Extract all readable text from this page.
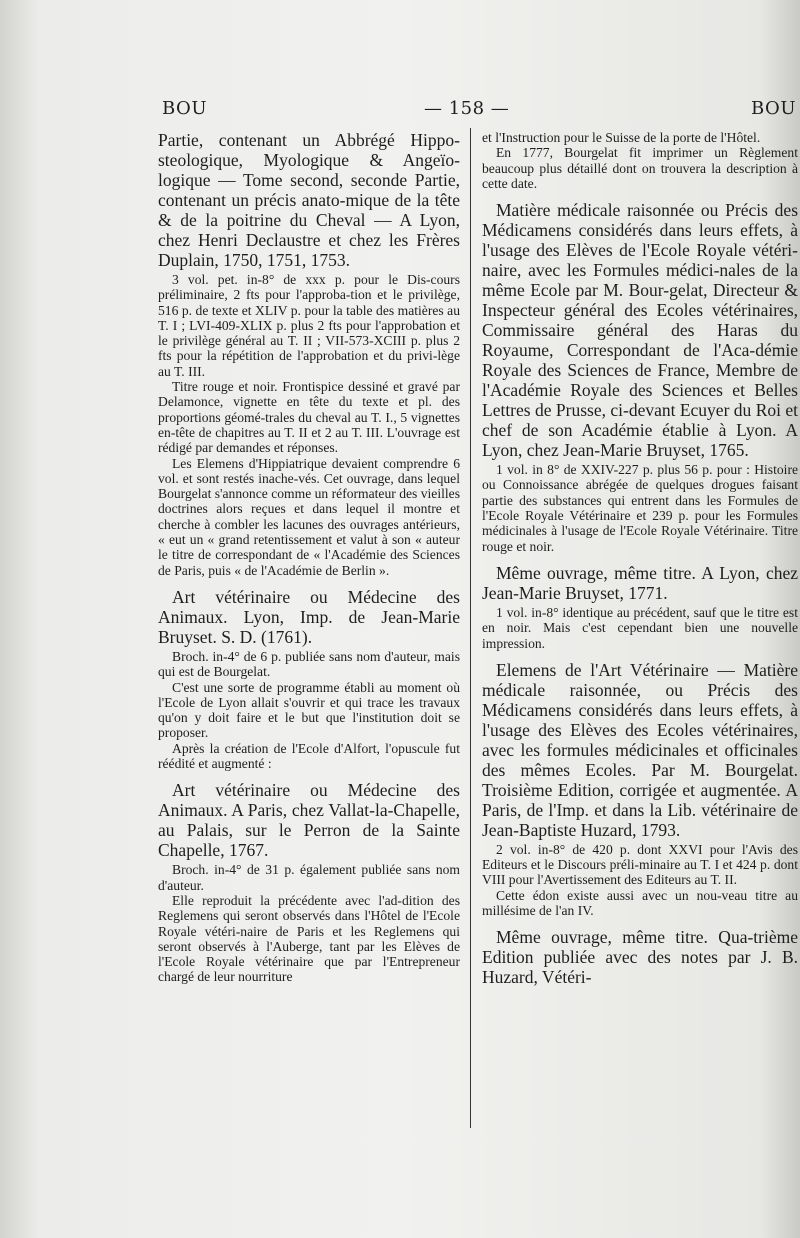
BOU	— 158 —	BOU

Partie, contenant un Abbrégé Hippo-steologique, Myologique & Angeïo-logique — Tome second, seconde Partie, contenant un précis anato-mique de la tête & de la poitrine du Cheval — A Lyon, chez Henri Declaustre et chez les Frères Duplain, 1750, 1751, 1753.

3 vol. pet. in-8° de xxx p. pour le Dis-cours préliminaire, 2 fts pour l'approba-tion et le privilège, 516 p. de texte et XLIV p. pour la table des matières au T. I ; LVI-409-XLIX p. plus 2 fts pour l'approbation et le privilège général au T. II ; VII-573-XCIII p. plus 2 fts pour la répétition de l'approbation et du privi-lège au T. III.

Titre rouge et noir. Frontispice dessiné et gravé par Delamonce, vignette en tête du texte et pl. des proportions géomé-trales du cheval au T. I., 5 vignettes en-tête de chapitres au T. II et 2 au T. III. L'ouvrage est rédigé par demandes et réponses.

Les Elemens d'Hippiatrique devaient comprendre 6 vol. et sont restés inache-vés. Cet ouvrage, dans lequel Bourgelat s'annonce comme un réformateur des vieilles doctrines alors reçues et dans lequel il montre et cherche à combler les lacunes des ouvrages antérieurs, « eut un « grand retentissement et valut à son « auteur le titre de correspondant de « l'Académie des Sciences de Paris, puis « de l'Académie de Berlin ».

Art vétérinaire ou Médecine des Animaux. Lyon, Imp. de Jean-Marie Bruyset. S. D. (1761).

Broch. in-4° de 6 p. publiée sans nom d'auteur, mais qui est de Bourgelat.

C'est une sorte de programme établi au moment où l'Ecole de Lyon allait s'ouvrir et qui trace les travaux qu'on y doit faire et le but que l'institution doit se proposer.

Après la création de l'Ecole d'Alfort, l'opuscule fut réédité et augmenté :

Art vétérinaire ou Médecine des Animaux. A Paris, chez Vallat-la-Chapelle, au Palais, sur le Perron de la Sainte Chapelle, 1767.

Broch. in-4° de 31 p. également publiée sans nom d'auteur.

Elle reproduit la précédente avec l'ad-dition des Reglemens qui seront observés dans l'Hôtel de l'Ecole Royale vétéri-naire de Paris et les Reglemens qui seront observés à l'Auberge, tant par les Elèves de l'Ecole Royale vétérinaire que par l'Entrepreneur chargé de leur nourriture

et l'Instruction pour le Suisse de la porte de l'Hôtel.

En 1777, Bourgelat fit imprimer un Règlement beaucoup plus détaillé dont on trouvera la description à cette date.

Matière médicale raisonnée ou Précis des Médicamens considérés dans leurs effets, à l'usage des Elèves de l'Ecole Royale vétéri-naire, avec les Formules médici-nales de la même Ecole par M. Bour-gelat, Directeur & Inspecteur général des Ecoles vétérinaires, Commissaire général des Haras du Royaume, Correspondant de l'Aca-démie Royale des Sciences de France, Membre de l'Académie Royale des Sciences et Belles Lettres de Prusse, ci-devant Ecuyer du Roi et chef de son Académie établie à Lyon. A Lyon, chez Jean-Marie Bruyset, 1765.

1 vol. in 8° de XXIV-227 p. plus 56 p. pour : Histoire ou Connoissance abrégée de quelques drogues faisant partie des substances qui entrent dans les Formules de l'Ecole Royale Vétérinaire et 239 p. pour les Formules médicinales à l'usage de l'Ecole Royale Vétérinaire. Titre rouge et noir.

Même ouvrage, même titre. A Lyon, chez Jean-Marie Bruyset, 1771.

1 vol. in-8° identique au précédent, sauf que le titre est en noir. Mais c'est cependant bien une nouvelle impression.

Elemens de l'Art Vétérinaire — Matière médicale raisonnée, ou Précis des Médicamens considérés dans leurs effets, à l'usage des Elèves des Ecoles vétérinaires, avec les formules médicinales et officinales des mêmes Ecoles. Par M. Bourgelat. Troisième Edition, corrigée et augmentée. A Paris, de l'Imp. et dans la Lib. vétérinaire de Jean-Baptiste Huzard, 1793.

2 vol. in-8° de 420 p. dont XXVI pour l'Avis des Editeurs et le Discours préli-minaire au T. I et 424 p. dont VIII pour l'Avertissement des Editeurs au T. II.

Cette édon existe aussi avec un nou-veau titre au millésime de l'an IV.

Même ouvrage, même titre. Qua-trième Edition publiée avec des notes par J. B. Huzard, Vétéri-
